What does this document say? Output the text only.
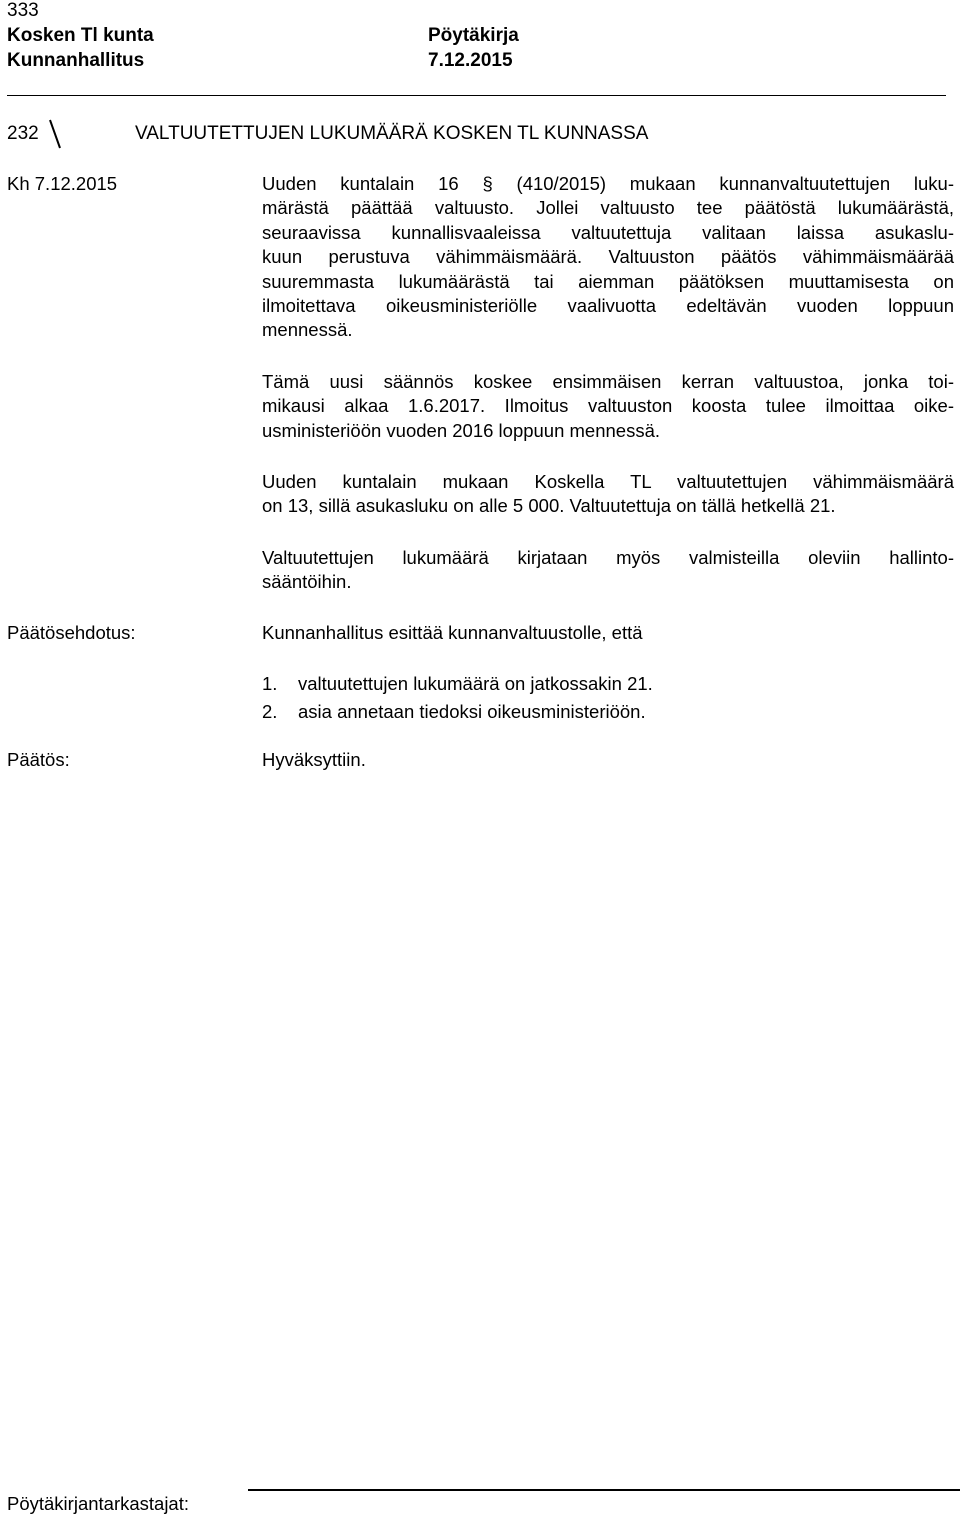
333
Kosken Tl kunta	Pöytäkirja
Kunnanhallitus	7.12.2015
232	VALTUUTETTUJEN LUKUMÄÄRÄ KOSKEN TL KUNNASSA
Kh 7.12.2015	Uuden kuntalain 16 § (410/2015) mukaan kunnanvaltuutettujen luku-
märästä päättää valtuusto. Jollei valtuusto tee päätöstä lukumäärästä,
seuraavissa kunnallisvaaleissa valtuutettuja valitaan laissa asukaslu-
kuun perustuva vähimmäismäärä. Valtuuston päätös vähimmäismäärää
suuremmasta lukumäärästä tai aiemman päätöksen muuttamisesta on
ilmoitettava oikeusministeriölle vaalivuotta edeltävän vuoden loppuun
mennessä.
Tämä uusi säännös koskee ensimmäisen kerran valtuustoa, jonka toi-
mikausi alkaa 1.6.2017. Ilmoitus valtuuston koosta tulee ilmoittaa oike-
usministeriöön vuoden 2016 loppuun mennessä.
Uuden kuntalain mukaan Koskella TL valtuutettujen vähimmäismäärä
on 13, sillä asukasluku on alle 5 000. Valtuutettuja on tällä hetkellä 21.
Valtuutettujen lukumäärä kirjataan myös valmisteilla oleviin hallinto-
sääntöihin.
Päätösehdotus:	Kunnanhallitus esittää kunnanvaltuustolle, että
1. valtuutettujen lukumäärä on jatkossakin 21.
2. asia annetaan tiedoksi oikeusministeriöön.
Päätös:	Hyväksyttiin.
Pöytäkirjantarkastajat:
